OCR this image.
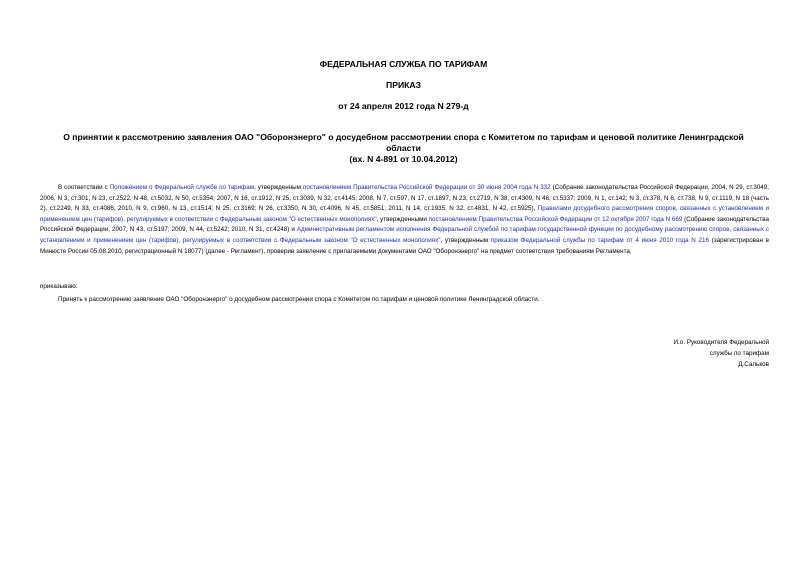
ФЕДЕРАЛЬНАЯ СЛУЖБА ПО ТАРИФАМ
ПРИКАЗ
от 24 апреля 2012 года N 279-д
О принятии к рассмотрению заявления ОАО "Оборонэнерго" о досудебном рассмотрении спора с Комитетом по тарифам и ценовой политике Ленинградской
области
(вх. N 4-891 от 10.04.2012)

В соответствии с Положением о Федеральной службе по тарифам, утвержденным постановлением Правительства Российской Федерации от 30 июня 2004 года N 332 (Собрание законодательства Российской Федерации, 2004, N 29, ст.3049; 2006, N 3, ст.301, N 23, ст.2522, N 48, ст.5032, N 50, ст.5354; 2007, N 16, ст.1912, N 25, ст.3039, N 32, ст.4145; 2008, N 7, ст.597, N 17, ст.1897, N 23, ст.2719, N 38, ст.4309, N 46, ст.5337; 2009, N 1, ст.142; N 3, ст.378, N 6, ст.738, N 9, ст.1119, N 18 (часть 2), ст.2249, N 33, ст.4086; 2010, N 9, ст.960, N 13, ст.1514; N 25, ст.3169; N 26, ст.3350, N 30, ст.4096, N 45, ст.5851; 2011, N 14, ст.1935, N 32, ст.4831, N 42, ст.5925), Правилами досудебного рассмотрения споров, связанных с установлением и применением цен (тарифов), регулируемых в соответствии с Федеральным законом "О естественных монополиях", утвержденными постановлением Правительства Российской Федерации от 12 октября 2007 года N 669 (Собрание законодательства Российской Федерации, 2007, N 43, ст.5197; 2009, N 44, ст.5242; 2010, N 31, ст.4248) и Административным регламентом исполнения Федеральной службой по тарифам государственной функции по досудебному рассмотрению споров, связанных с установлением и применением цен (тарифов), регулируемых в соответствии с Федеральным законом "О естественных монополиях", утвержденным приказом Федеральной службы по тарифам от 4 июня 2010 года N 216 (зарегистрирован в Минюсте России 05.08.2010, регистрационный N 18077) (далее - Регламент), проверив заявление с прилагаемыми документами ОАО "Оборонэнерго" на предмет соответствия требованиям Регламента,

приказываю:
Принять к рассмотрению заявление ОАО "Оборонэнерго" о досудебном рассмотрении спора с Комитетом по тарифам и ценовой политике Ленинградской области.
И.о. Руководителя Федеральной
службы по тарифам
Д.Сальков
